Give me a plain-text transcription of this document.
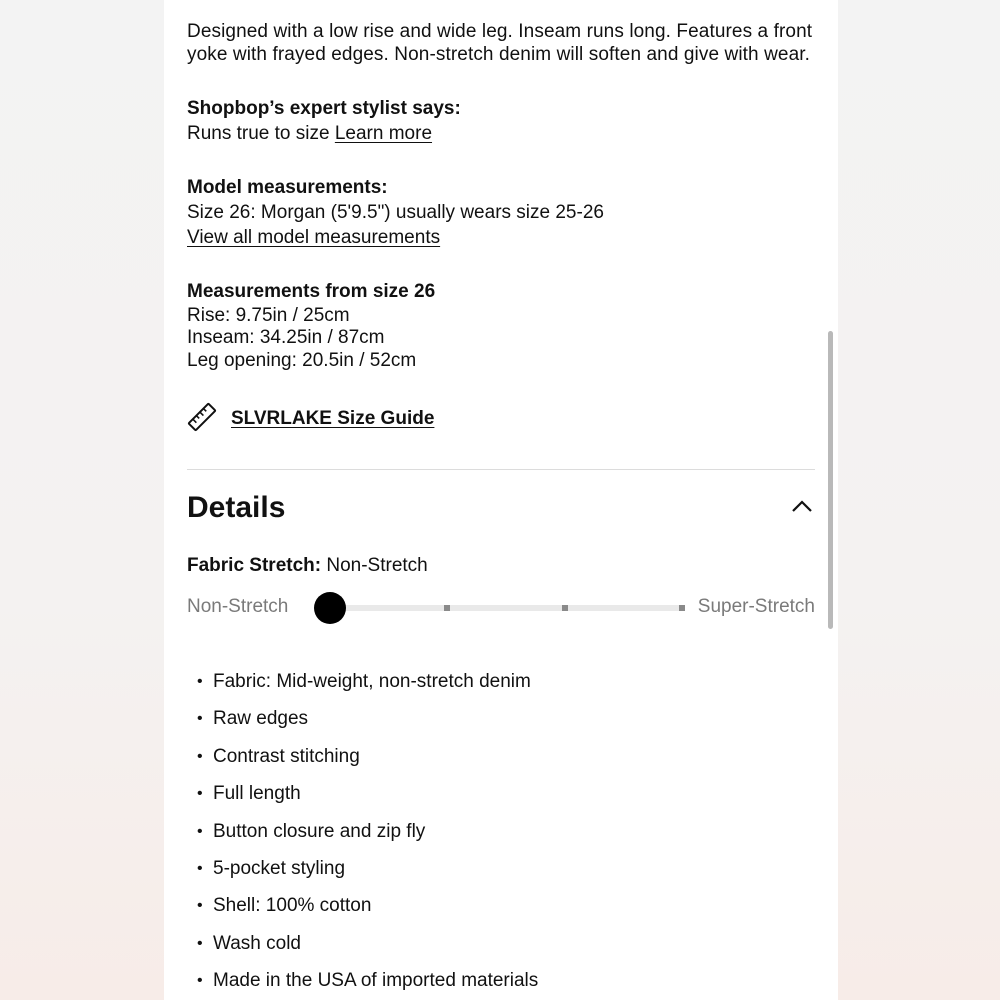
Designed with a low rise and wide leg. Inseam runs long. Features a front

yoke with frayed edges. Non-stretch denim will soften and give with wear.

Shopbop’s expert stylist says:

Runs true to size Learn more

Model measurements:

Size 26: Morgan (5'9.5") usually wears size 25-26

View all model measurements

Measurements from size 26

Rise: 9.75in / 25cm

Inseam: 34.25in / 87cm

Leg opening: 20.5in / 52cm

SLVRLAKE Size Guide
Details
Fabric Stretch: Non-Stretch
Non-Stretch	Super-Stretch
• Fabric: Mid-weight, non-stretch denim
• Raw edges
• Contrast stitching
• Full length
• Button closure and zip fly
• 5-pocket styling
• Shell: 100% cotton
• Wash cold
• Made in the USA of imported materials
